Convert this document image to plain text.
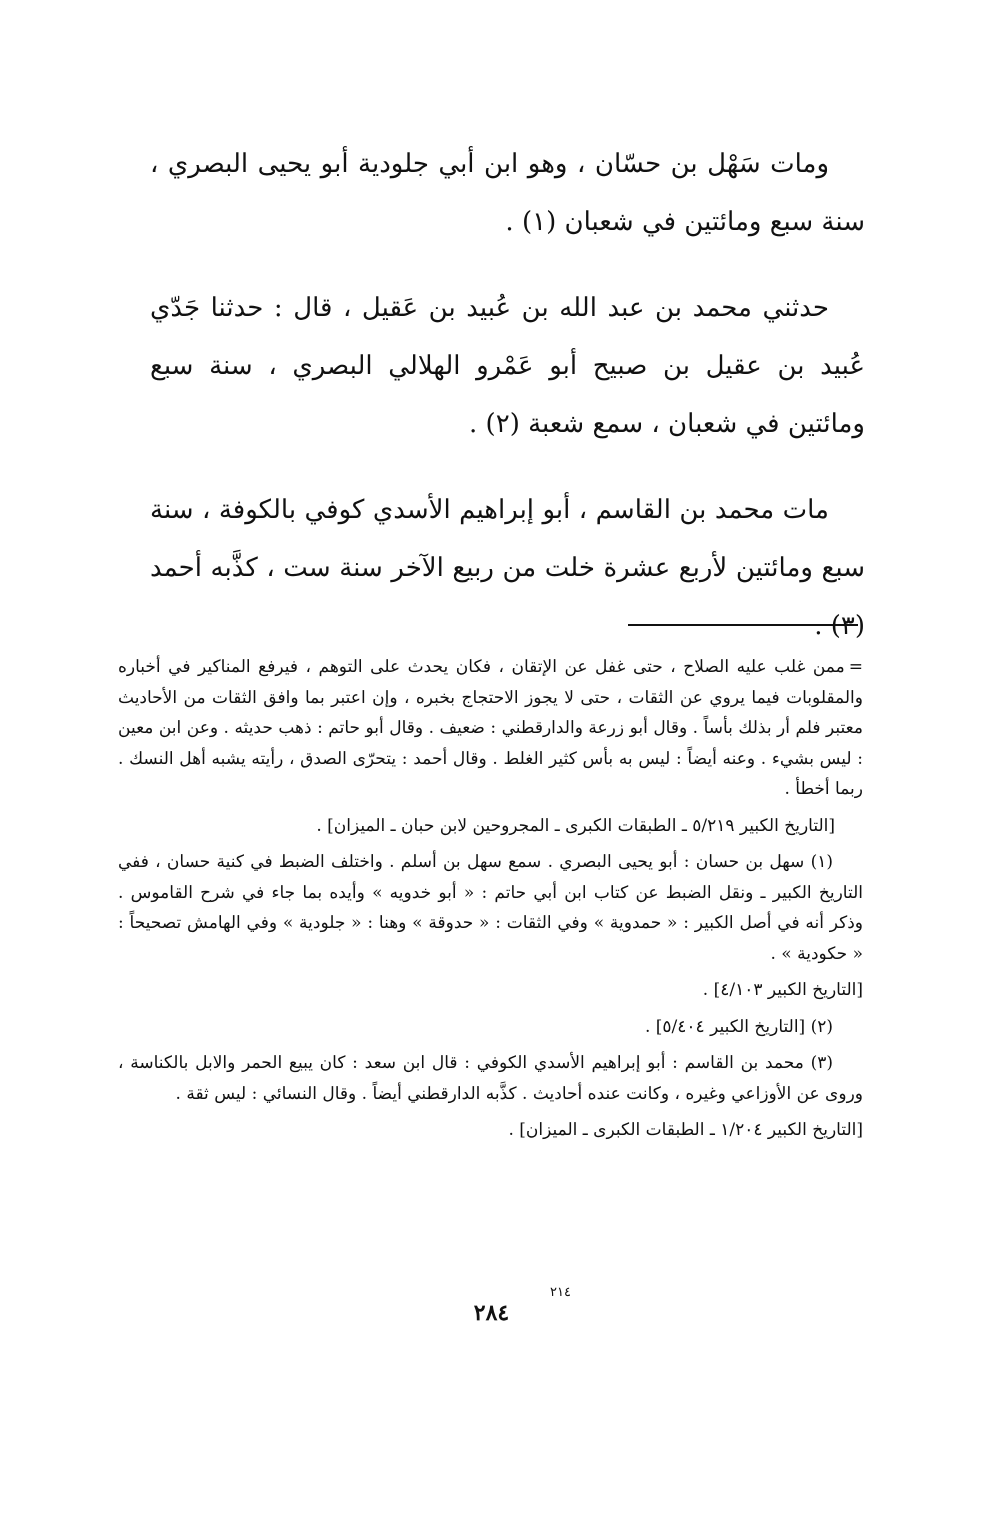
ومات سَهْل بن حسّان ، وهو ابن أبي جلودية أبو يحيى البصري ، سنة سبع ومائتين في شعبان (١) .

حدثني محمد بن عبد الله بن عُبيد بن عَقيل ، قال : حدثنا جَدّي عُبيد بن عقيل بن صبيح أبو عَمْرو الهلالي البصري ، سنة سبع ومائتين في شعبان ، سمع شعبة (٢) .

مات محمد بن القاسم ، أبو إبراهيم الأسدي كوفي بالكوفة ، سنة سبع ومائتين لأربع عشرة خلت من ربيع الآخر سنة ست ، كذَّبه أحمد (٣) .

=ممن غلب عليه الصلاح ، حتى غفل عن الإتقان ، فكان يحدث على التوهم ، فيرفع المناكير في أخباره والمقلوبات فيما يروي عن الثقات ، حتى لا يجوز الاحتجاج بخبره ، وإن اعتبر بما وافق الثقات من الأحاديث معتبر فلم أر بذلك بأساً . وقال أبو زرعة والدارقطني : ضعيف . وقال أبو حاتم : ذهب حديثه . وعن ابن معين : ليس بشيء . وعنه أيضاً : ليس به بأس كثير الغلط . وقال أحمد : يتحرّى الصدق ، رأيته يشبه أهل النسك . ربما أخطأ .

[التاريخ الكبير ٥/٢١٩ ـ الطبقات الكبرى ـ المجروحين لابن حبان ـ الميزان] .

(١) سهل بن حسان : أبو يحيى البصري . سمع سهل بن أسلم . واختلف الضبط في كنية حسان ، ففي التاريخ الكبير ـ ونقل الضبط عن كتاب ابن أبي حاتم : « أبو خدويه » وأيده بما جاء في شرح القاموس . وذكر أنه في أصل الكبير : « حمدوية » وفي الثقات : « حدوقة » وهنا : « جلودية » وفي الهامش تصحيحاً : « حكودية » .

[التاريخ الكبير ٤/١٠٣] .

(٢) [التاريخ الكبير ٥/٤٠٤] .

(٣) محمد بن القاسم : أبو إبراهيم الأسدي الكوفي : قال ابن سعد : كان يبيع الحمر والابل بالكناسة ، وروى عن الأوزاعي وغيره ، وكانت عنده أحاديث . كذَّبه الدارقطني أيضاً . وقال النسائي : ليس ثقة .

[التاريخ الكبير ١/٢٠٤ ـ الطبقات الكبرى ـ الميزان] .

٢١٤
٢٨٤
